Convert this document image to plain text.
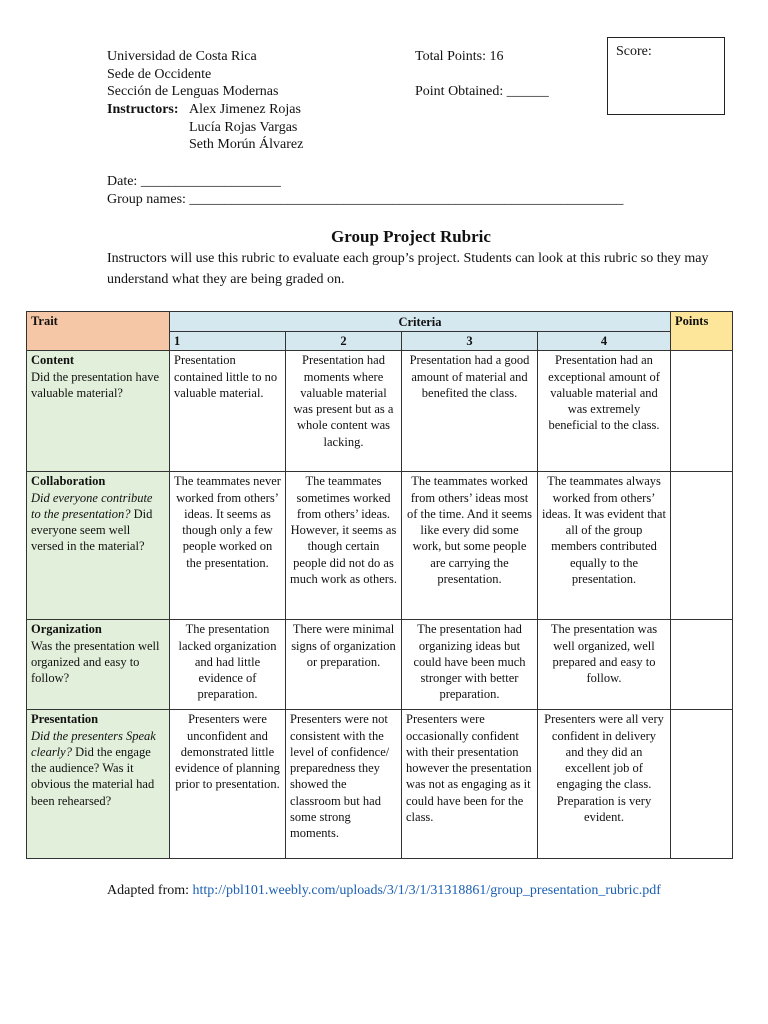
Universidad de Costa Rica
Sede de Occidente
Sección de Lenguas Modernas
Instructors: Alex Jimenez Rojas
Lucía Rojas Vargas
Seth Morún Álvarez
Total Points: 16
Point Obtained: ______
Score:
Date: ____________________
Group names: ______________________________________________________________
Group Project Rubric
Instructors will use this rubric to evaluate each group’s project. Students can look at this rubric so they may understand what they are being graded on.
Trait	Criteria				Points
	1	2	3	4	

Content
Did the presentation have valuable material?	Presentation contained little to no valuable material.	Presentation had moments where valuable material was present but as a whole content was lacking.	Presentation had a good amount of material and benefited the class.	Presentation had an exceptional amount of valuable material and was extremely beneficial to the class.	

Collaboration
Did everyone contribute to the presentation? Did everyone seem well versed in the material?	The teammates never worked from others’ ideas. It seems as though only a few people worked on the presentation.	The teammates sometimes worked from others’ ideas. However, it seems as though certain people did not do as much work as others.	The teammates worked from others’ ideas most of the time. And it seems like every did some work, but some people are carrying the presentation.	The teammates always worked from others’ ideas. It was evident that all of the group members contributed equally to the presentation.	

Organization
Was the presentation well organized and easy to follow?	The presentation lacked organization and had little evidence of preparation.	There were minimal signs of organization or preparation.	The presentation had organizing ideas but could have been much stronger with better preparation.	The presentation was well organized, well prepared and easy to follow.	

Presentation
Did the presenters Speak clearly? Did the engage the audience? Was it obvious the material had been rehearsed?	Presenters were unconfident and demonstrated little evidence of planning prior to presentation.	Presenters were not consistent with the level of confidence/ preparedness they showed the classroom but had some strong moments.	Presenters were occasionally confident with their presentation however the presentation was not as engaging as it could have been for the class.	Presenters were all very confident in delivery and they did an excellent job of engaging the class. Preparation is very evident.	
Adapted from: http://pbl101.weebly.com/uploads/3/1/3/1/31318861/group_presentation_rubric.pdf
